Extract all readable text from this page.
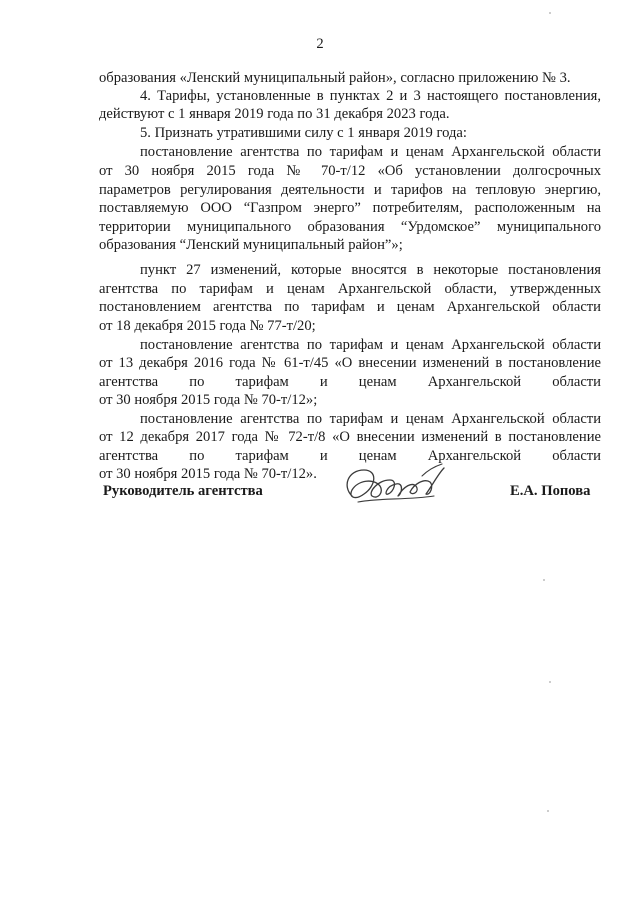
2
образования «Ленский муниципальный район», согласно приложению № 3.
4. Тарифы, установленные в пунктах 2 и 3 настоящего постановления,
действуют с 1 января 2019 года по 31 декабря 2023 года.
5. Признать утратившими силу с 1 января 2019 года:
постановление агентства по тарифам и ценам Архангельской области
от 30 ноября 2015 года № 70-т/12 «Об установлении долгосрочных
параметров регулирования деятельности и тарифов на тепловую энергию,
поставляемую ООО “Газпром энерго” потребителям, расположенным на
территории муниципального образования “Урдомское” муниципального
образования “Ленский муниципальный район”»;
пункт 27 изменений, которые вносятся в некоторые постановления
агентства по тарифам и ценам Архангельской области, утвержденных
постановлением агентства по тарифам и ценам Архангельской области
от 18 декабря 2015 года № 77-т/20;
постановление агентства по тарифам и ценам Архангельской области
от 13 декабря 2016 года № 61-т/45 «О внесении изменений в постановление
агентства по тарифам и ценам Архангельской области
от 30 ноября 2015 года № 70-т/12»;
постановление агентства по тарифам и ценам Архангельской области
от 12 декабря 2017 года № 72-т/8 «О внесении изменений в постановление
агентства по тарифам и ценам Архангельской области
от 30 ноября 2015 года № 70-т/12».
Руководитель агентства	Е.А. Попова
